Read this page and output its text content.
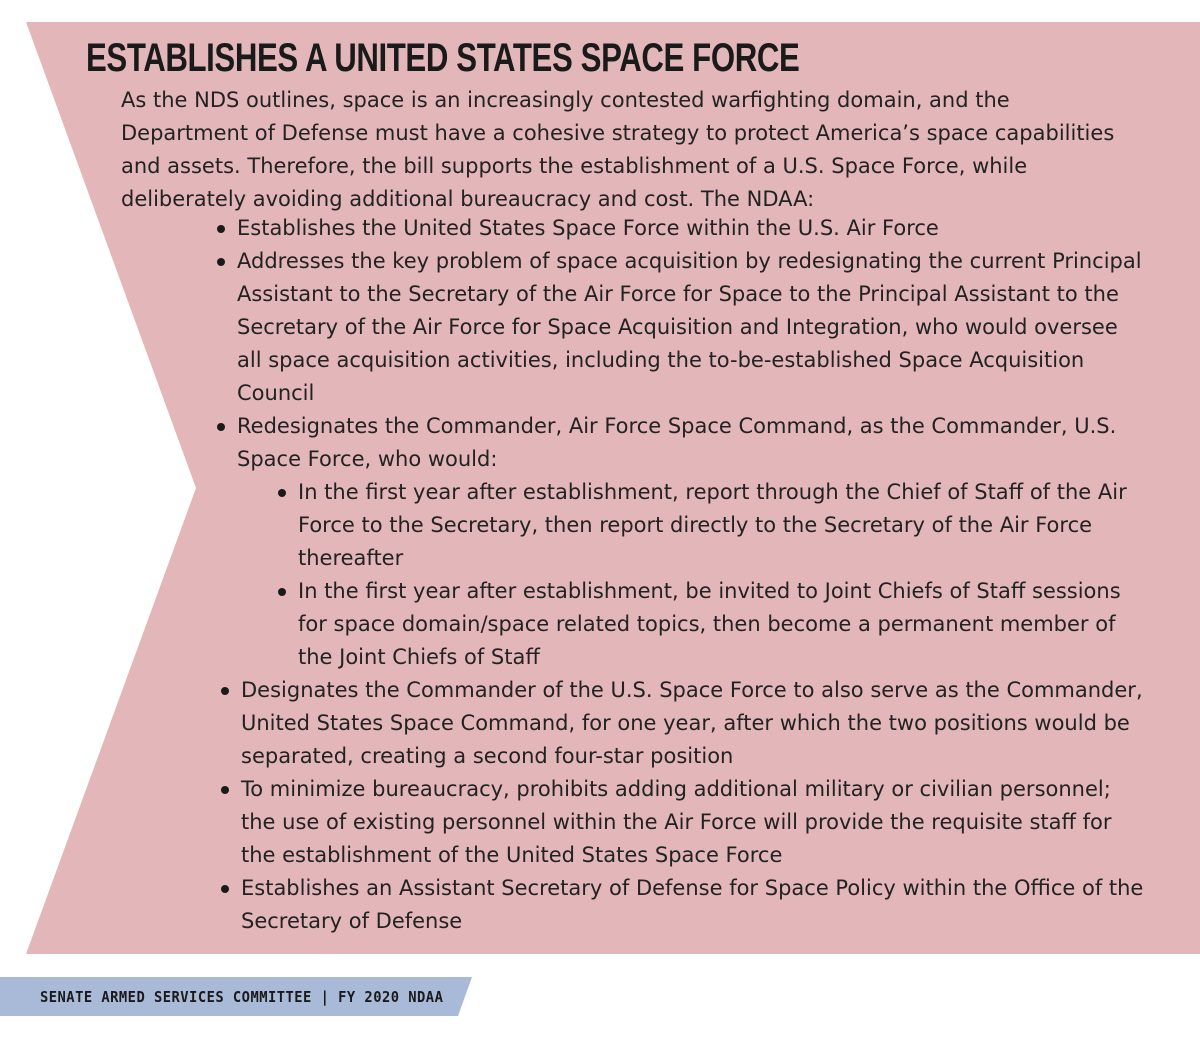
ESTABLISHES A UNITED STATES SPACE FORCE

As the NDS outlines, space is an increasingly contested warfighting domain, and the Department of Defense must have a cohesive strategy to protect America’s space capabilities and assets. Therefore, the bill supports the establishment of a U.S. Space Force, while deliberately avoiding additional bureaucracy and cost. The NDAA:

Establishes the United States Space Force within the U.S. Air Force
Addresses the key problem of space acquisition by redesignating the current Principal Assistant to the Secretary of the Air Force for Space to the Principal Assistant to the Secretary of the Air Force for Space Acquisition and Integration, who would oversee all space acquisition activities, including the to-be-established Space Acquisition Council
Redesignates the Commander, Air Force Space Command, as the Commander, U.S. Space Force, who would:
In the first year after establishment, report through the Chief of Staff of the Air Force to the Secretary, then report directly to the Secretary of the Air Force thereafter
In the first year after establishment, be invited to Joint Chiefs of Staff sessions for space domain/space related topics, then become a permanent member of the Joint Chiefs of Staff
Designates the Commander of the U.S. Space Force to also serve as the Commander, United States Space Command, for one year, after which the two positions would be separated, creating a second four-star position
To minimize bureaucracy, prohibits adding additional military or civilian personnel; the use of existing personnel within the Air Force will provide the requisite staff for the establishment of the United States Space Force
Establishes an Assistant Secretary of Defense for Space Policy within the Office of the Secretary of Defense
SENATE ARMED SERVICES COMMITTEE | FY 2020 NDAA
